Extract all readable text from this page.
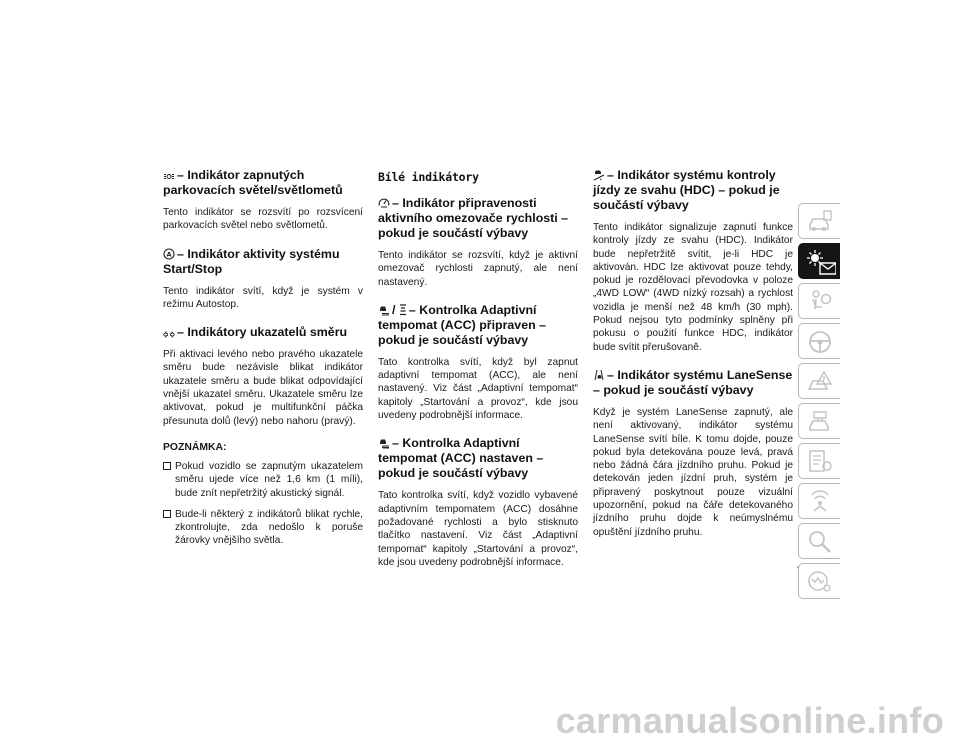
– Indikátor zapnutých parkovacích světel/světlometů

Tento indikátor se rozsvítí po rozsvícení parkovacích světel nebo světlometů.

A – Indikátor aktivity systému Start/Stop

Tento indikátor svítí, když je systém v režimu Autostop.

– Indikátory ukazatelů směru

Při aktivaci levého nebo pravého ukazatele směru bude nezávisle blikat indikátor ukazatele směru a bude blikat odpovídající vnější ukazatel směru. Ukazatele směru lze aktivovat, pokud je multifunkční páčka přesunuta dolů (levý) nebo nahoru (pravý).

POZNÁMKA:
Pokud vozidlo se zapnutým ukazatelem směru ujede více než 1,6 km (1 míli), bude znít nepřetržitý akustický signál.
Bude-li některý z indikátorů blikat rychle, zkontrolujte, zda nedošlo k poruše žárovky vnějšího světla.
Bílé indikátory
– Indikátor připravenosti aktivního omezovače rychlosti – pokud je součástí výbavy

Tento indikátor se rozsvítí, když je aktivní omezovač rychlosti zapnutý, ale není nastavený.

/ – Kontrolka Adaptivní tempomat (ACC) připraven – pokud je součástí výbavy

Tato kontrolka svítí, když byl zapnut adaptivní tempomat (ACC), ale není nastavený. Viz část „Adaptivní tempomat“ kapitoly „Startování a provoz“, kde jsou uvedeny podrobnější informace.

– Kontrolka Adaptivní tempomat (ACC) nastaven – pokud je součástí výbavy

Tato kontrolka svítí, když vozidlo vybavené adaptivním tempomatem (ACC) dosáhne požadované rychlosti a bylo stisknuto tlačítko nastavení. Viz část „Adaptivní tempomat“ kapitoly „Startování a provoz“, kde jsou uvedeny podrobnější informace.

– Indikátor systému kontroly jízdy ze svahu (HDC) – pokud je součástí výbavy

Tento indikátor signalizuje zapnutí funkce kontroly jízdy ze svahu (HDC). Indikátor bude nepřetržitě svítit, je-li HDC je aktivován. HDC lze aktivovat pouze tehdy, pokud je rozdělovací převodovka v poloze „4WD LOW“ (4WD nízký rozsah) a rychlost vozidla je menší než 48 km/h (30 mph). Pokud nejsou tyto podmínky splněny při pokusu o použití funkce HDC, indikátor bude svítit přerušovaně.

– Indikátor systému LaneSense – pokud je součástí výbavy

Když je systém LaneSense zapnutý, ale není aktivovaný, indikátor systému LaneSense svítí bíle. K tomu dojde, pouze pokud byla detekována pouze levá, pravá nebo žádná čára jízdního pruhu. Pokud je detekován jeden jízdní pruh, systém je připravený poskytnout pouze vizuální upozornění, pokud na čáře detekovaného jízdního pruhu dojde k neúmyslnému opuštění jízdního pruhu.

carmanualsonline.info
